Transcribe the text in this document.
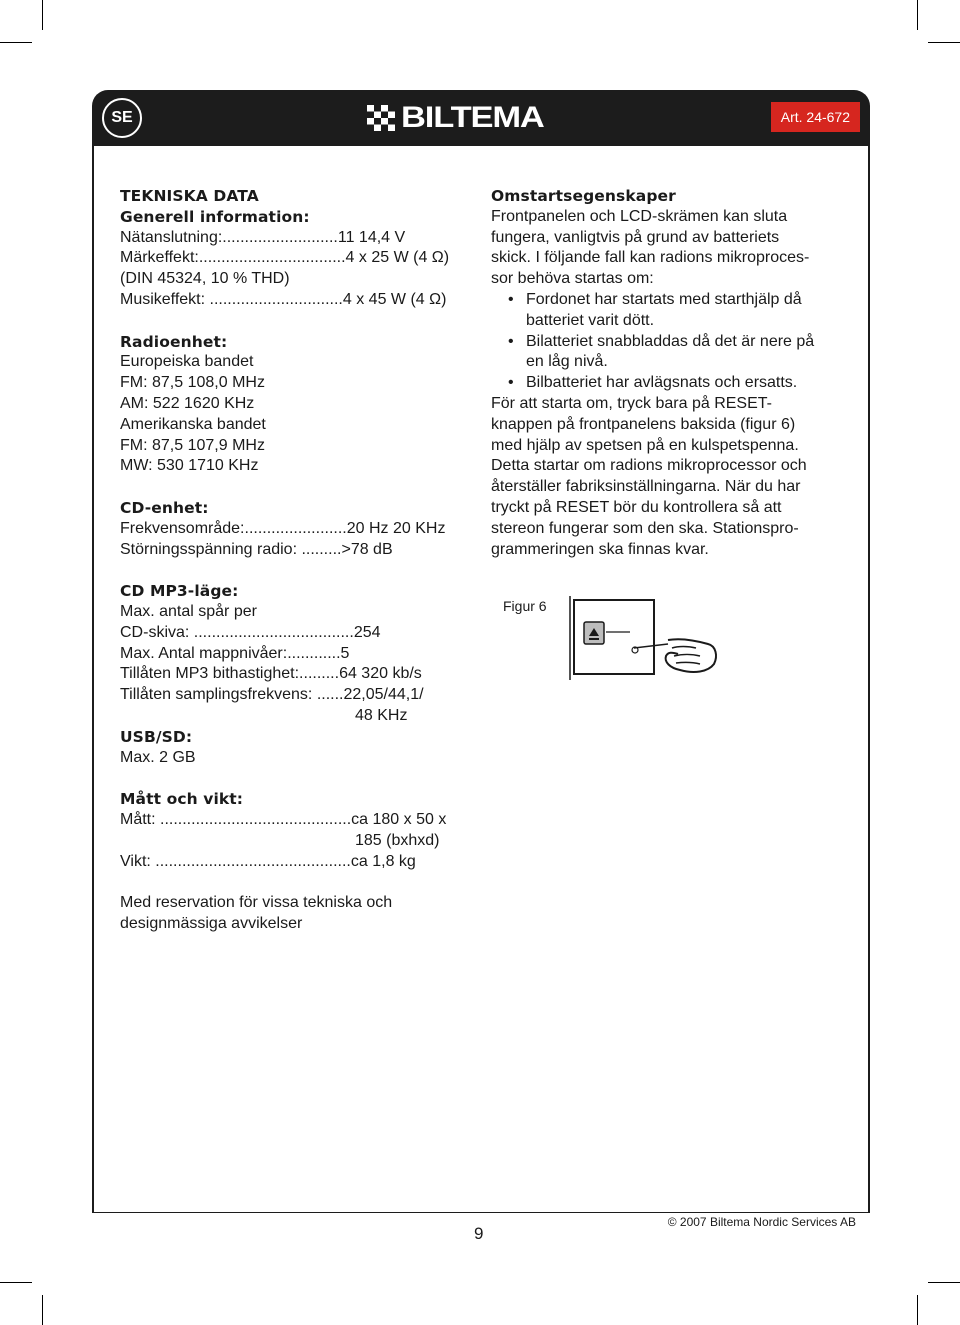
SE	BILTEMA	Art. 24-672
TEKNISKA DATA
Generell information:
Nätanslutning:.......................... 11 14,4 V
Märkeffekt:................................. 4 x 25 W (4 Ω)
(DIN 45324, 10 % THD)
Musikeffekt: .............................. 4 x 45 W (4 Ω)
Radioenhet:
Europeiska bandet
FM: 87,5 108,0 MHz
AM: 522 1620 KHz
Amerikanska bandet
FM: 87,5 107,9 MHz
MW: 530 1710 KHz
CD-enhet:
Frekvensområde:....................... 20 Hz 20 KHz
Störningsspänning radio: ......... >78 dB
CD MP3-läge:
Max. antal spår per
CD-skiva: .................................... 254
Max. Antal mappnivåer:............ 5
Tillåten MP3 bithastighet:......... 64 320 kb/s
Tillåten samplingsfrekvens: ...... 22,05/44,1/
48 KHz
USB/SD:
Max. 2 GB
Mått och vikt:
Mått: ........................................... ca 180 x 50 x
185 (bxhxd)
Vikt: ............................................ ca 1,8 kg
Med reservation för vissa tekniska och
designmässiga avvikelser
Omstartsegenskaper
Frontpanelen och LCD-skrämen kan sluta
fungera, vanligtvis på grund av batteriets
skick. I följande fall kan radions mikroproces-
sor behöva startas om:
• Fordonet har startats med starthjälp då
batteriet varit dött.
• Bilatteriet snabbladdas då det är nere på
en låg nivå.
• Bilbatteriet har avlägsnats och ersatts.
För att starta om, tryck bara på RESET-
knappen på frontpanelens baksida (figur 6)
med hjälp av spetsen på en kulspetspenna.
Detta startar om radions mikroprocessor och
återställer fabriksinställningarna. När du har
tryckt på RESET bör du kontrollera så att
stereon fungerar som den ska. Stationspro-
grammeringen ska finnas kvar.
Figur 6
9
© 2007 Biltema Nordic Services AB
